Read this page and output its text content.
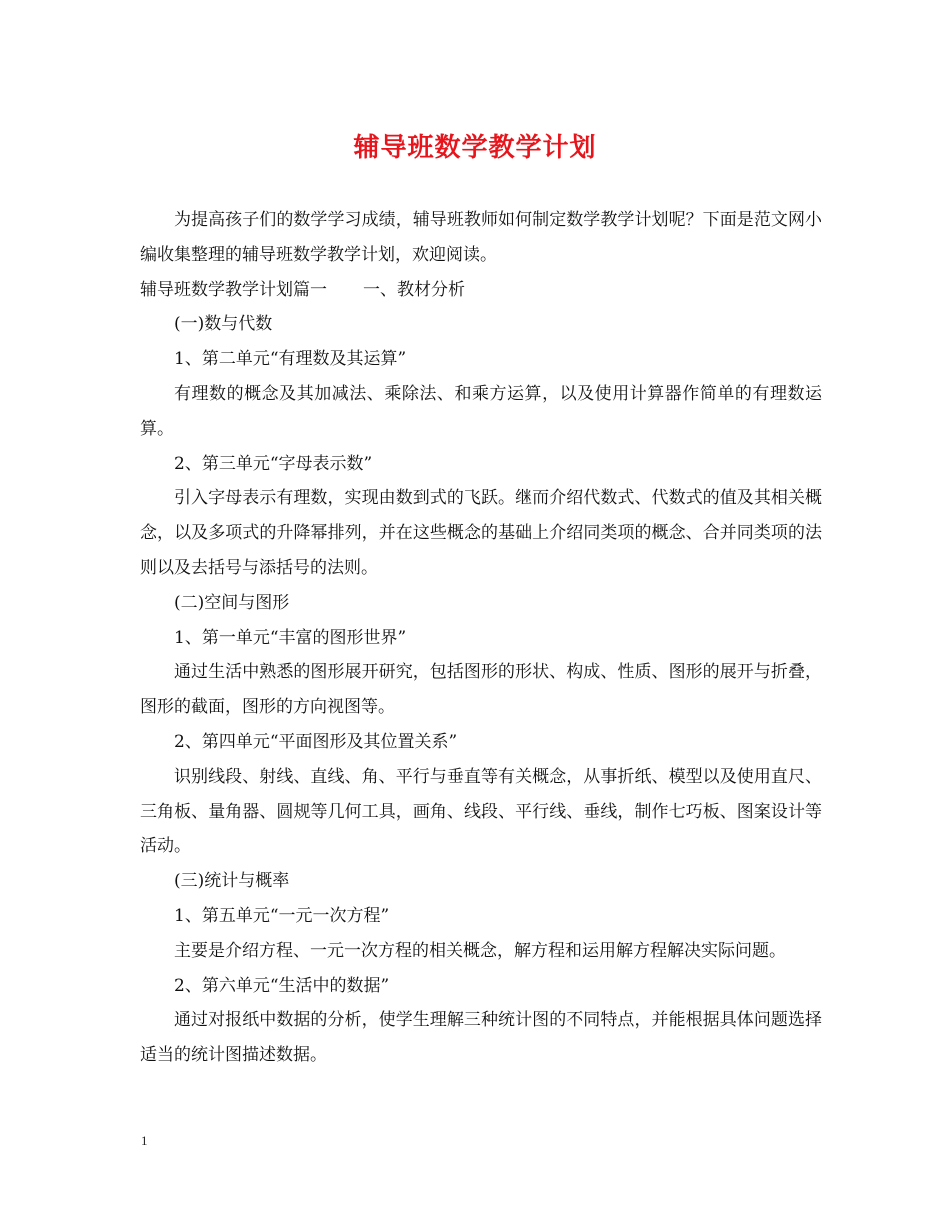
辅导班数学教学计划

为提高孩子们的数学学习成绩，辅导班教师如何制定数学教学计划呢？下面是范文网小编收集整理的辅导班数学教学计划，欢迎阅读。

辅导班数学教学计划篇一 一、教材分析

(一)数与代数

1、第二单元“有理数及其运算”

有理数的概念及其加减法、乘除法、和乘方运算，以及使用计算器作简单的有理数运算。

2、第三单元“字母表示数”

引入字母表示有理数，实现由数到式的飞跃。继而介绍代数式、代数式的值及其相关概念，以及多项式的升降幂排列，并在这些概念的基础上介绍同类项的概念、合并同类项的法则以及去括号与添括号的法则。

(二)空间与图形

1、第一单元“丰富的图形世界”

通过生活中熟悉的图形展开研究，包括图形的形状、构成、性质、图形的展开与折叠，图形的截面，图形的方向视图等。

2、第四单元“平面图形及其位置关系”

识别线段、射线、直线、角、平行与垂直等有关概念，从事折纸、模型以及使用直尺、三角板、量角器、圆规等几何工具，画角、线段、平行线、垂线，制作七巧板、图案设计等活动。

(三)统计与概率

1、第五单元“一元一次方程”

主要是介绍方程、一元一次方程的相关概念，解方程和运用解方程解决实际问题。

2、第六单元“生活中的数据”

通过对报纸中数据的分析，使学生理解三种统计图的不同特点，并能根据具体问题选择适当的统计图描述数据。

1
